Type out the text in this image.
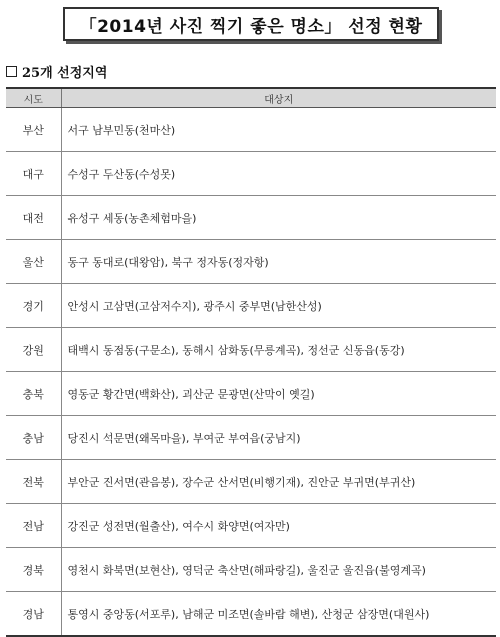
「2014년 사진 찍기 좋은 명소」 선정 현황
25개 선정지역
시도	대상지
부산	서구 남부민동(천마산)
대구	수성구 두산동(수성못)
대전	유성구 세동(농촌체험마을)
울산	동구 동대로(대왕암), 북구 정자동(정자항)
경기	안성시 고삼면(고삼저수지), 광주시 중부면(남한산성)
강원	태백시 동점동(구문소), 동해시 삼화동(무릉계곡), 정선군 신동읍(동강)
충북	영동군 황간면(백화산), 괴산군 문광면(산막이 옛길)
충남	당진시 석문면(왜목마을), 부여군 부여읍(궁남지)
전북	부안군 진서면(관음봉), 장수군 산서면(비행기재), 진안군 부귀면(부귀산)
전남	강진군 성전면(월출산), 여수시 화양면(여자만)
경북	영천시 화북면(보현산), 영덕군 축산면(해파랑길), 울진군 울진읍(불영계곡)
경남	통영시 중앙동(서포루), 남해군 미조면(솔바람 해변), 산청군 삼장면(대원사)
